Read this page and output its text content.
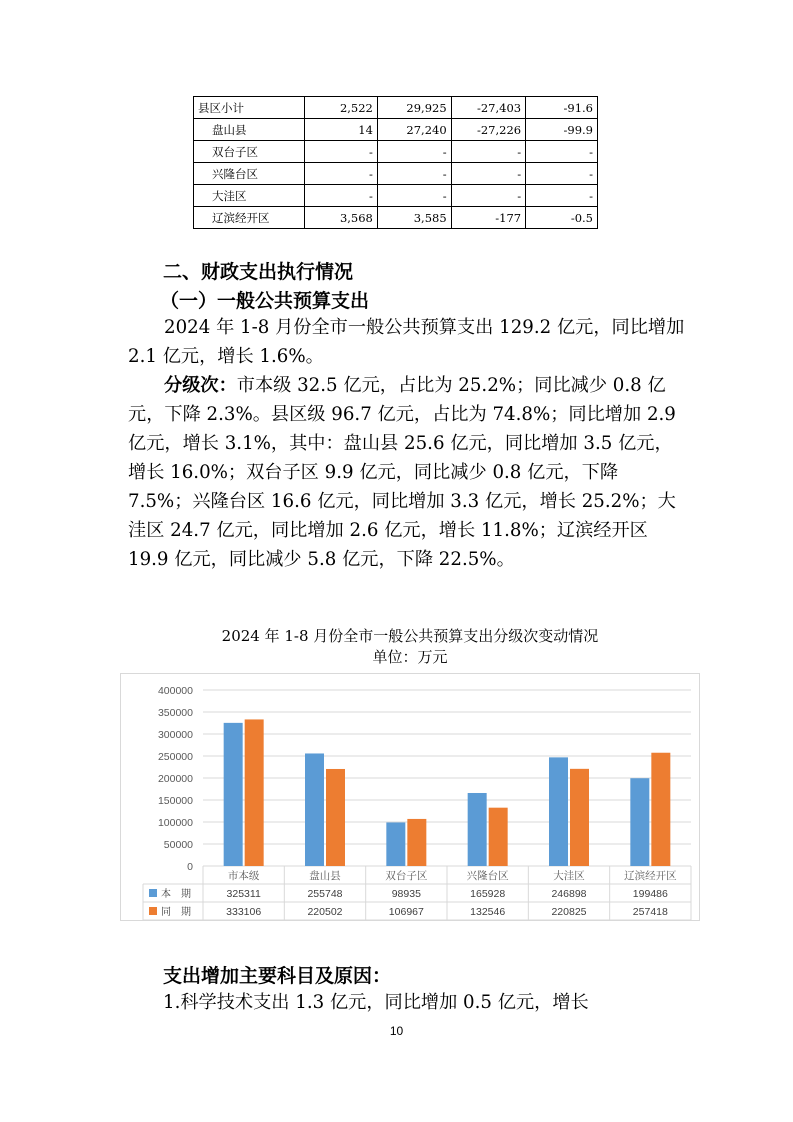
县区小计	2,522	29,925	-27,403	-91.6
盘山县	14	27,240	-27,226	-99.9
双台子区	-	-	-	-
兴隆台区	-	-	-	-
大洼区	-	-	-	-
辽滨经开区	3,568	3,585	-177	-0.5
二、财政支出执行情况
（一）一般公共预算支出

2024 年 1-8 月份全市一般公共预算支出 129.2 亿元，同比增加 2.1 亿元，增长 1.6%。

分级次：市本级 32.5 亿元，占比为 25.2%；同比减少 0.8 亿元，下降 2.3%。县区级 96.7 亿元，占比为 74.8%；同比增加 2.9 亿元，增长 3.1%，其中：盘山县 25.6 亿元，同比增加 3.5 亿元，增长 16.0%；双台子区 9.9 亿元，同比减少 0.8 亿元，下降 7.5%；兴隆台区 16.6 亿元，同比增加 3.3 亿元，增长 25.2%；大洼区 24.7 亿元，同比增加 2.6 亿元，增长 11.8%；辽滨经开区 19.9 亿元，同比减少 5.8 亿元，下降 22.5%。

2024 年 1-8 月份全市一般公共预算支出分级次变动情况
单位：万元
0
50000
100000
150000
200000
250000
300000
350000
400000
市本级	盘山县	双台子区	兴隆台区	大洼区	辽滨经开区
本　期	325311	255748	98935	165928	246898	199486
同　期	333106	220502	106967	132546	220825	257418
支出增加主要科目及原因：

1.科学技术支出 1.3 亿元，同比增加 0.5 亿元，增长

10
